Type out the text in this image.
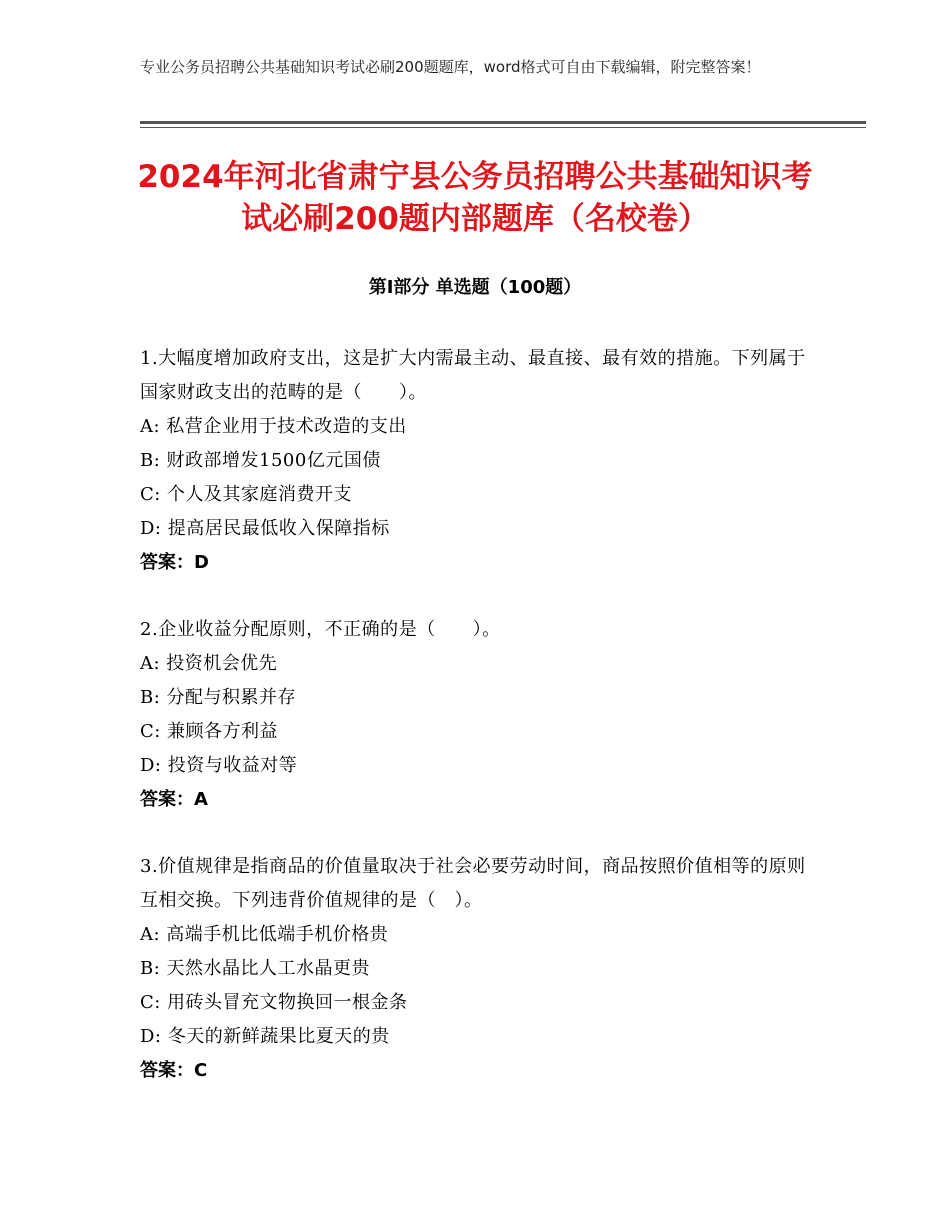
专业公务员招聘公共基础知识考试必刷200题题库，word格式可自由下载编辑，附完整答案！
2024年河北省肃宁县公务员招聘公共基础知识考试必刷200题内部题库（名校卷）
第Ⅰ部分 单选题（100题）
1.大幅度增加政府支出，这是扩大内需最主动、最直接、最有效的措施。下列属于国家财政支出的范畴的是（　　）。
A: 私营企业用于技术改造的支出
B: 财政部增发1500亿元国债
C: 个人及其家庭消费开支
D: 提高居民最低收入保障指标
答案：D
2.企业收益分配原则，不正确的是（　　）。
A: 投资机会优先
B: 分配与积累并存
C: 兼顾各方利益
D: 投资与收益对等
答案：A
3.价值规律是指商品的价值量取决于社会必要劳动时间，商品按照价值相等的原则互相交换。下列违背价值规律的是（　）。
A: 高端手机比低端手机价格贵
B: 天然水晶比人工水晶更贵
C: 用砖头冒充文物换回一根金条
D: 冬天的新鲜蔬果比夏天的贵
答案：C
